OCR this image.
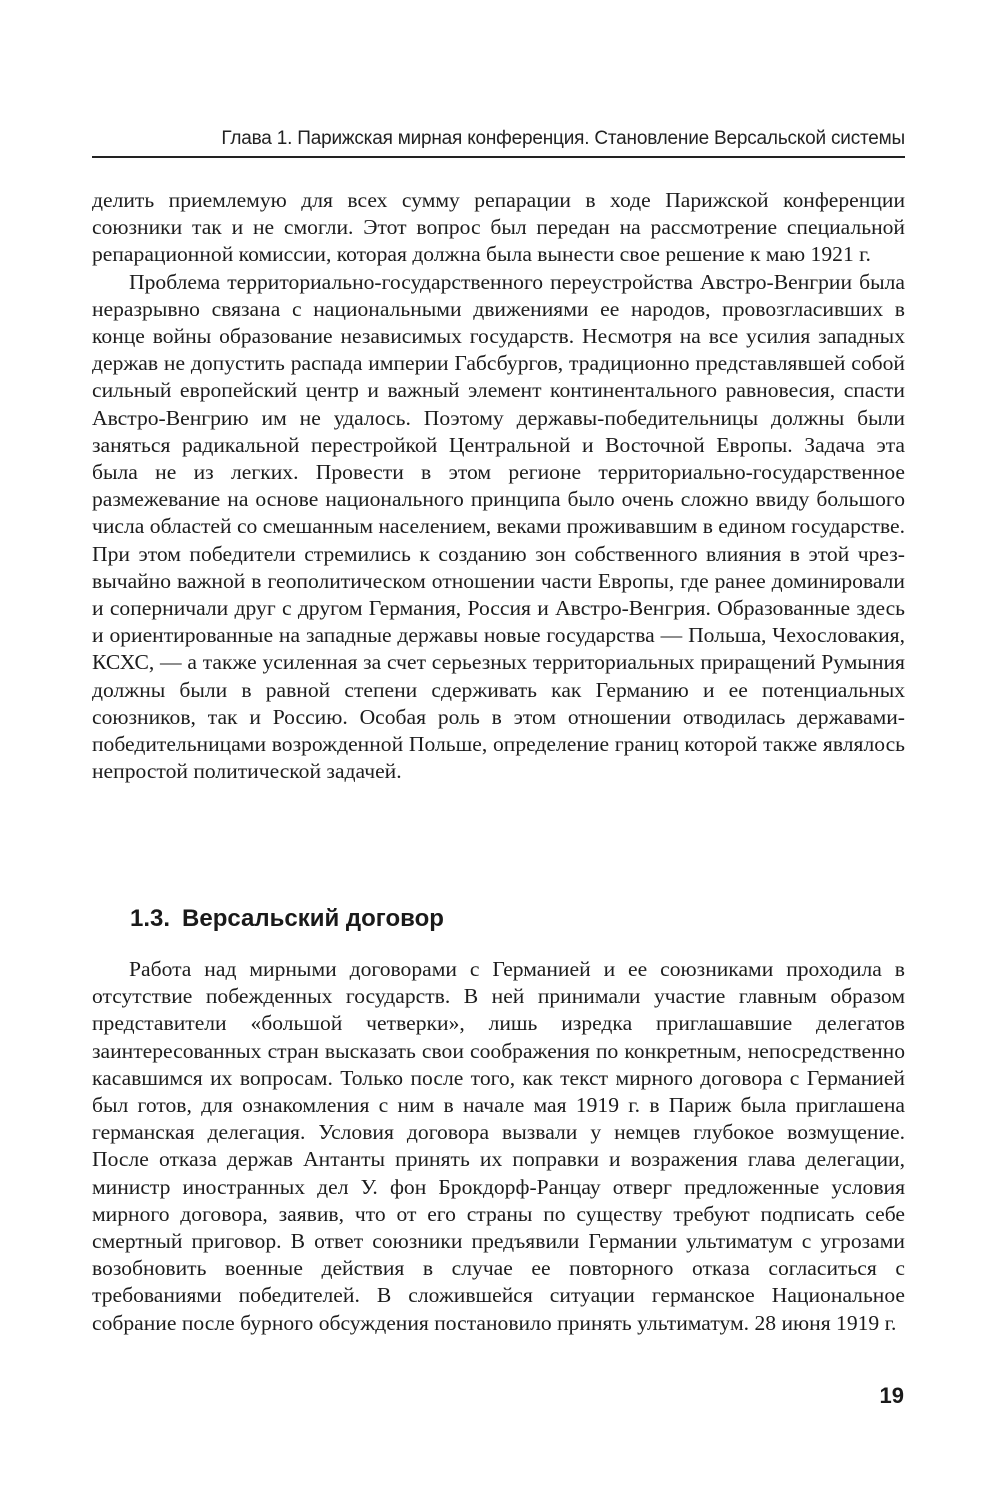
Глава 1. Парижская мирная конференция. Становление Версальской системы

делить приемлемую для всех сумму репарации в ходе Парижской конференции союзники так и не смогли. Этот вопрос был передан на рассмотрение специальной репарационной комиссии, которая должна была вынести свое решение к маю 1921 г.

Проблема территориально-государственного переустройства Австро-Венгрии была неразрывно связана с национальными движениями ее народов, провозгласивших в конце войны образование независимых государств. Несмотря на все усилия западных держав не допустить распада империи Габсбургов, традиционно представлявшей собой сильный европейский центр и важный элемент континентального равновесия, спасти Австро-Венгрию им не удалось. Поэтому державы-победительницы должны были заняться радикальной перестройкой Центральной и Восточной Европы. Задача эта была не из легких. Провести в этом регионе территориально-государственное размежевание на основе национального принципа было очень сложно ввиду большого числа областей со смешанным населением, веками проживавшим в едином государстве. При этом победители стремились к созданию зон собственного влияния в этой чрезвычайно важной в геополитическом отношении части Европы, где ранее доминировали и соперничали друг с другом Германия, Россия и Австро-Венгрия. Образованные здесь и ориентированные на западные державы новые государства — Польша, Чехословакия, КСХС, — а также усиленная за счет серьезных территориальных приращений Румыния должны были в равной степени сдерживать как Германию и ее потенциальных союзников, так и Россию. Особая роль в этом отношении отводилась державами-победительницами возрожденной Польше, определение границ которой также являлось непростой политической задачей.

1.3. Версальский договор

Работа над мирными договорами с Германией и ее союзниками проходила в отсутствие побежденных государств. В ней принимали участие главным образом представители «большой четверки», лишь изредка приглашавшие делегатов заинтересованных стран высказать свои соображения по конкретным, непосредственно касавшимся их вопросам. Только после того, как текст мирного договора с Германией был готов, для ознакомления с ним в начале мая 1919 г. в Париж была приглашена германская делегация. Условия договора вызвали у немцев глубокое возмущение. После отказа держав Антанты принять их поправки и возражения глава делегации, министр иностранных дел У. фон Брокдорф-Ранцау отверг предложенные условия мирного договора, заявив, что от его страны по существу требуют подписать себе смертный приговор. В ответ союзники предъявили Германии ультиматум с угрозами возобновить военные действия в случае ее повторного отказа согласиться с требованиями победителей. В сложившейся ситуации германское Национальное собрание после бурного обсуждения постановило принять ультиматум. 28 июня 1919 г.

19
